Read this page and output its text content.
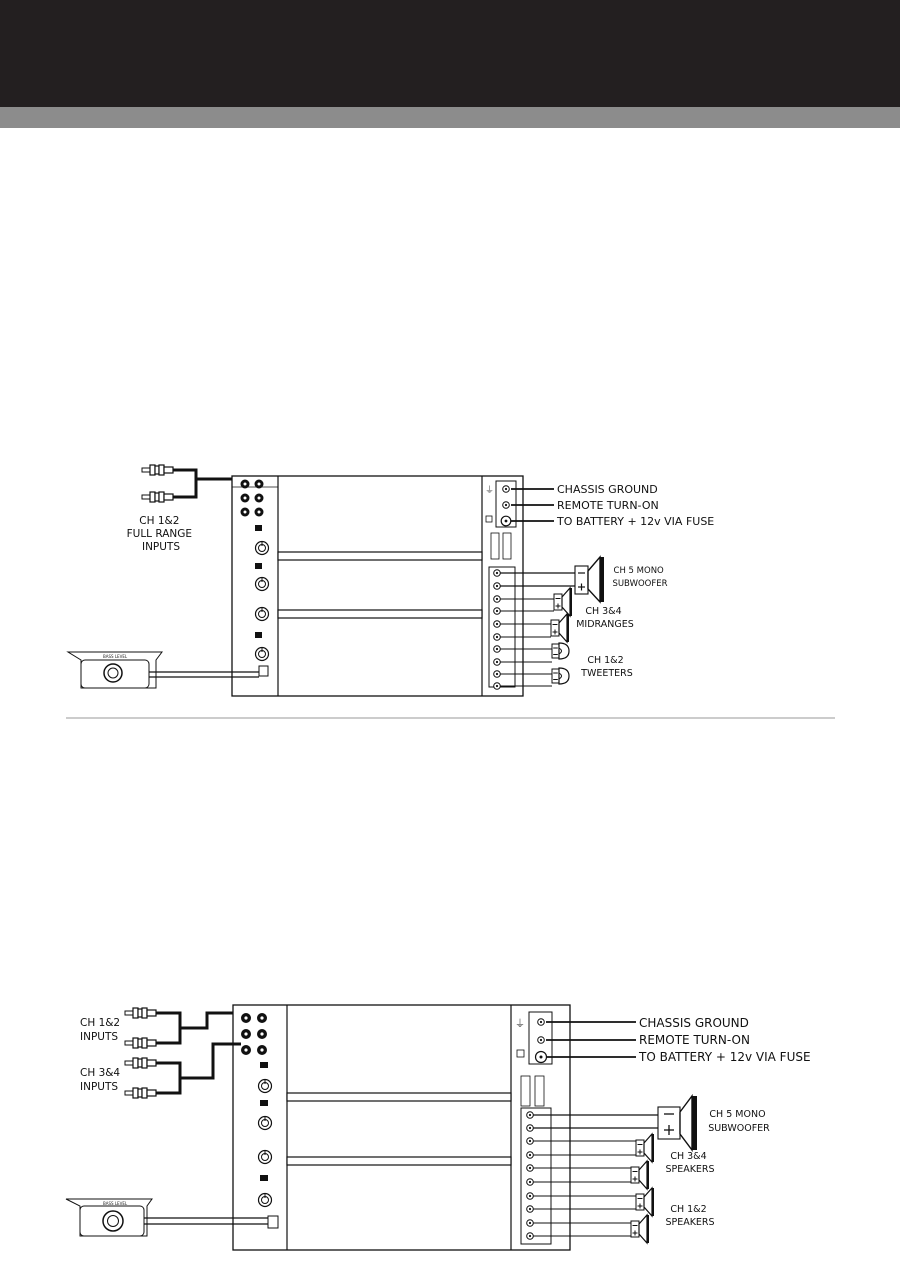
⏚
BASS LEVEL
CH 1&2 FULL RANGE INPUTS
CHASSIS GROUND
REMOTE TURN-ON
TO BATTERY + 12v VIA FUSE
CH 5 MONO SUBWOOFER
CH 3&4 MIDRANGES
CH 1&2 TWEETERS
⏚
BASS LEVEL
CH 1&2 INPUTS
CH 3&4 INPUTS
CHASSIS GROUND
REMOTE TURN-ON
TO BATTERY + 12v VIA FUSE
CH 5 MONO SUBWOOFER
CH 3&4 SPEAKERS
CH 1&2 SPEAKERS
